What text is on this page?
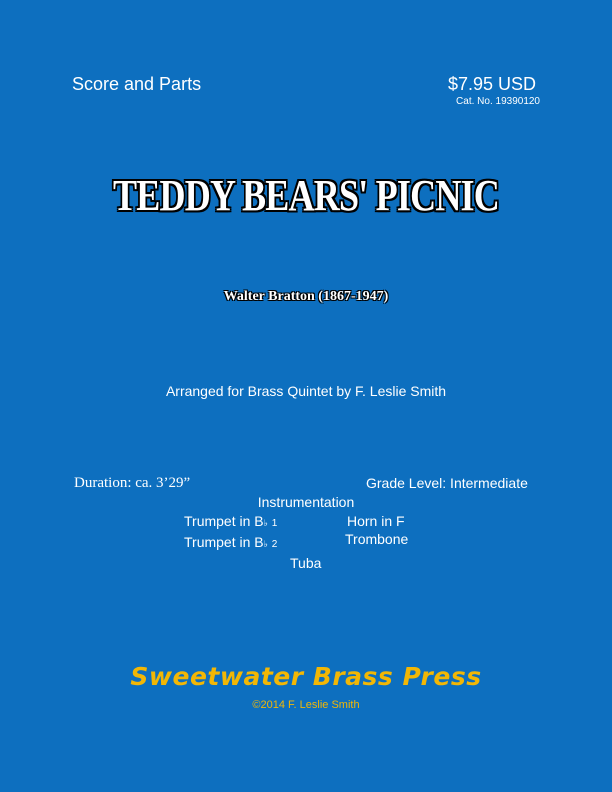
Score and Parts	$7.95 USD
Cat. No. 19390120
TEDDY BEARS' PICNIC
Walter Bratton (1867-1947)
Arranged for Brass Quintet by F. Leslie Smith
Duration: ca. 3’29”	Grade Level: Intermediate
Instrumentation
Trumpet in B♭ 1
Trumpet in B♭ 2
Horn in F
Trombone
Tuba
Sweetwater Brass Press
©2014 F. Leslie Smith
